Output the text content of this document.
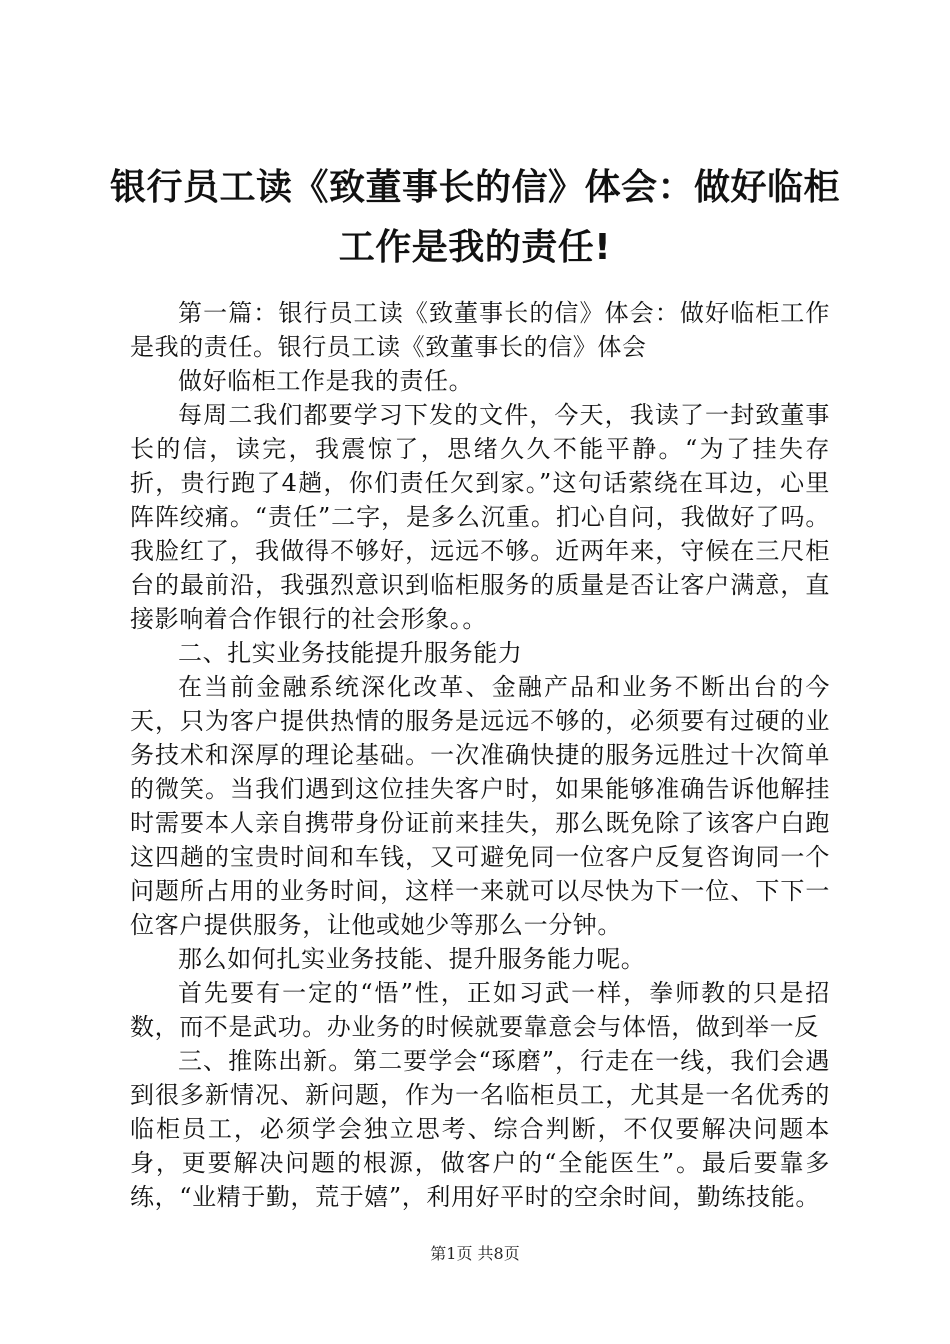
银行员工读《致董事长的信》体会：做好临柜工作是我的责任!

第一篇：银行员工读《致董事长的信》体会：做好临柜工作是我的责任。银行员工读《致董事长的信》体会

做好临柜工作是我的责任。

每周二我们都要学习下发的文件，今天，我读了一封致董事长的信，读完，我震惊了，思绪久久不能平静。“为了挂失存折，贵行跑了4趟，你们责任欠到家。”这句话萦绕在耳边，心里阵阵绞痛。“责任”二字，是多么沉重。扪心自问，我做好了吗。我脸红了，我做得不够好，远远不够。近两年来，守候在三尺柜台的最前沿，我强烈意识到临柜服务的质量是否让客户满意，直接影响着合作银行的社会形象。。

二、扎实业务技能提升服务能力

在当前金融系统深化改革、金融产品和业务不断出台的今天，只为客户提供热情的服务是远远不够的，必须要有过硬的业务技术和深厚的理论基础。一次准确快捷的服务远胜过十次简单的微笑。当我们遇到这位挂失客户时，如果能够准确告诉他解挂时需要本人亲自携带身份证前来挂失，那么既免除了该客户白跑这四趟的宝贵时间和车钱，又可避免同一位客户反复咨询同一个问题所占用的业务时间，这样一来就可以尽快为下一位、下下一位客户提供服务，让他或她少等那么一分钟。

那么如何扎实业务技能、提升服务能力呢。

首先要有一定的“悟”性，正如习武一样，拳师教的只是招数，而不是武功。办业务的时候就要靠意会与体悟，做到举一反

三、推陈出新。第二要学会“琢磨”，行走在一线，我们会遇到很多新情况、新问题，作为一名临柜员工，尤其是一名优秀的临柜员工，必须学会独立思考、综合判断，不仅要解决问题本身，更要解决问题的根源，做客户的“全能医生”。最后要靠多练，“业精于勤，荒于嬉”，利用好平时的空余时间，勤练技能。

第1页 共8页
